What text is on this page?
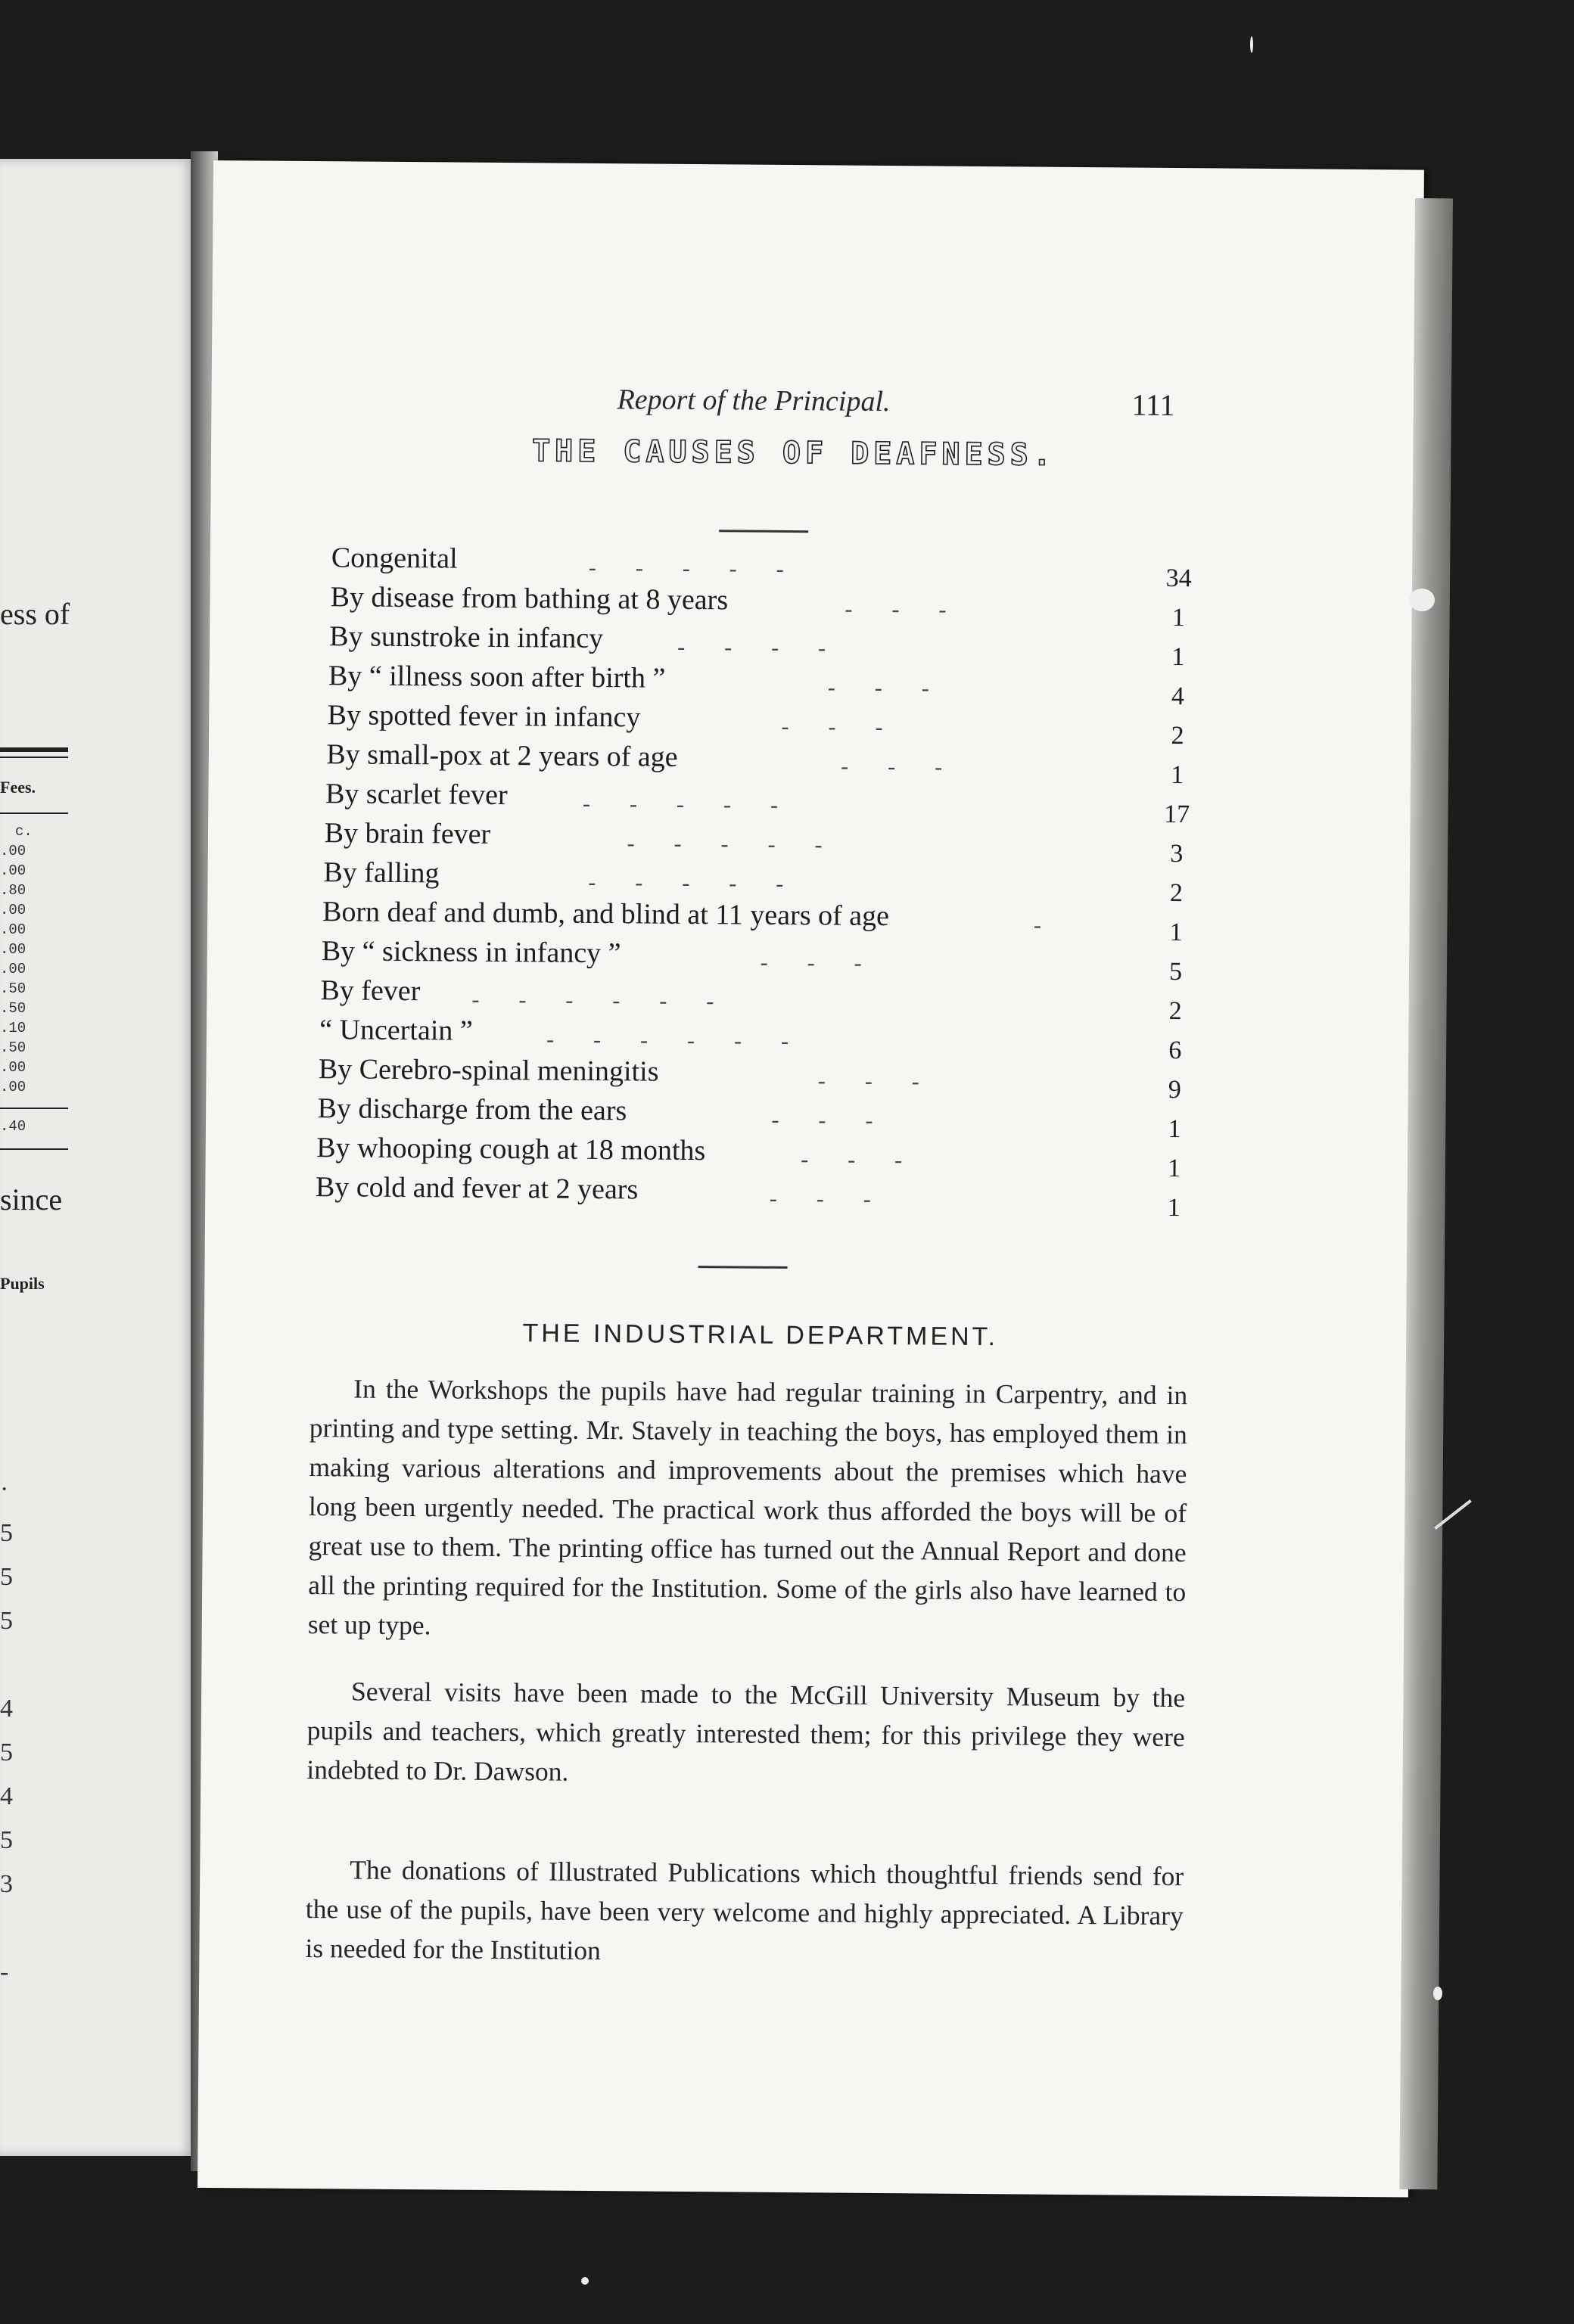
ess of
Fees.
c.
.00
.00
.80
.00
.00
.00
.00
.50
.50
.10
.50
.00
.00
.40
since
Pupils
·
5
5
5

4
5
4
5
3

-
Report of the Principal.	111
THE CAUSES OF DEAFNESS.
Congenital	-----	34
By disease from bathing at 8 years	---	1
By sunstroke in infancy	----	1
By “ illness soon after birth ”	---	4
By spotted fever in infancy	---	2
By small-pox at 2 years of age	---	1
By scarlet fever	-----	17
By brain fever	-----	3
By falling	-----	2
Born deaf and dumb, and blind at 11 years of age	-	1
By “ sickness in infancy ”	---	5
By fever ------	2
“ Uncertain ”	------	6
By Cerebro-spinal meningitis	---	9
By discharge from the ears	---	1
By whooping cough at 18 months	---	1
By cold and fever at 2 years	---	1
THE INDUSTRIAL DEPARTMENT.
In the Workshops the pupils have had regular training in Carpentry, and in printing and type setting. Mr. Stavely in teaching the boys, has employed them in making various alterations and improvements about the premises which have long been urgently needed. The practical work thus afforded the boys will be of great use to them. The printing office has turned out the Annual Report and done all the printing required for the Institution. Some of the girls also have learned to set up type.
Several visits have been made to the McGill University Museum by the pupils and teachers, which greatly interested them; for this privilege they were indebted to Dr. Dawson.
The donations of Illustrated Publications which thoughtful friends send for the use of the pupils, have been very welcome and highly appreciated. A Library is needed for the Institution
